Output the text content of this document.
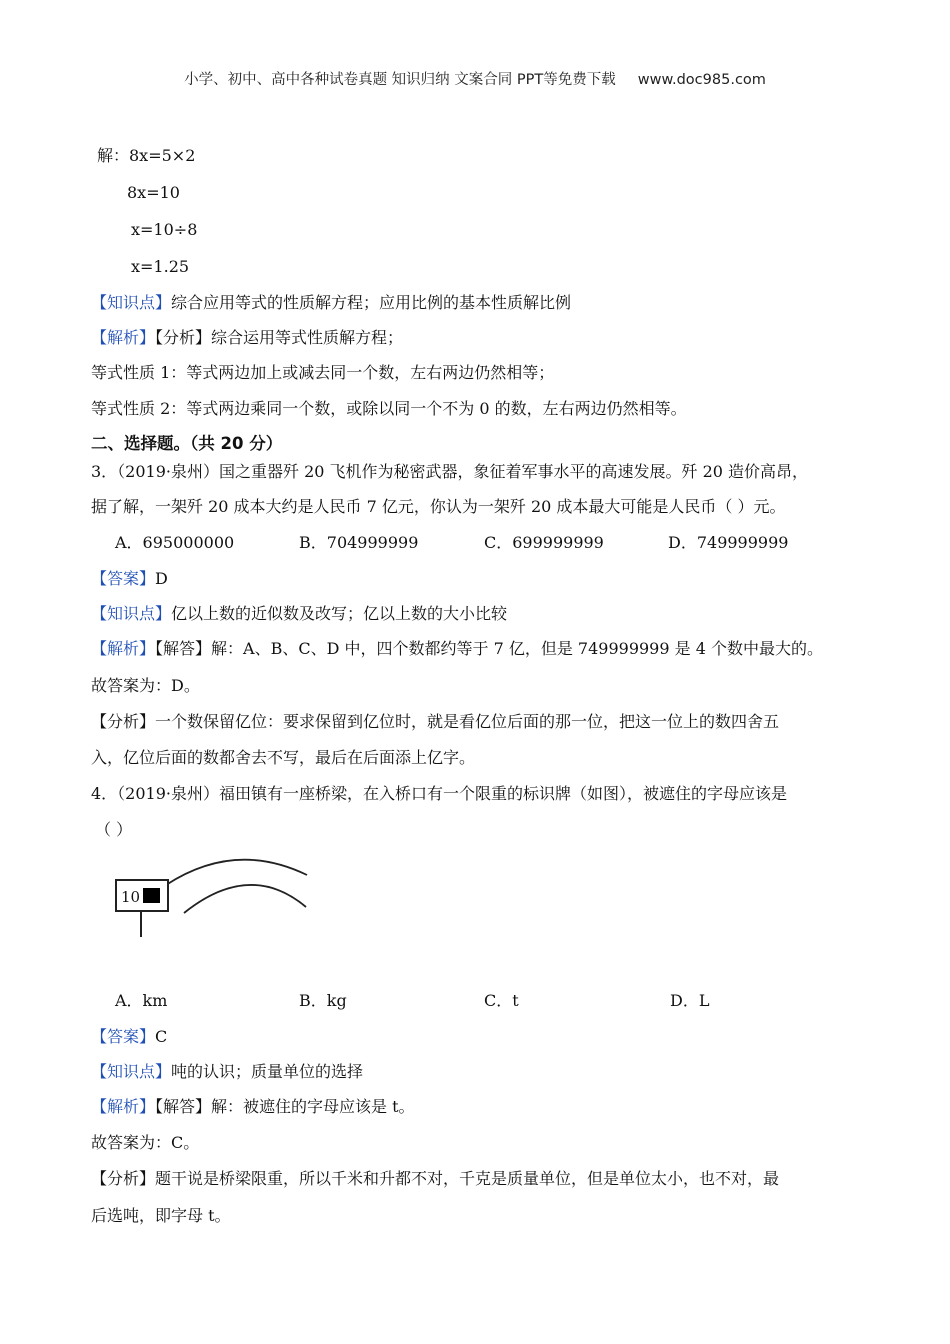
小学、初中、高中各种试卷真题 知识归纳 文案合同 PPT等免费下载 www.doc985.com
解：8x=5×2
8x=10
x=10÷8
x=1.25
【知识点】综合应用等式的性质解方程；应用比例的基本性质解比例
【解析】【分析】综合运用等式性质解方程；
等式性质 1：等式两边加上或减去同一个数，左右两边仍然相等；
等式性质 2：等式两边乘同一个数，或除以同一个不为 0 的数，左右两边仍然相等。
二、选择题。（共 20 分）
3．（2019·泉州）国之重器歼 20 飞机作为秘密武器，象征着军事水平的高速发展。歼 20 造价高昂，
据了解，一架歼 20 成本大约是人民币 7 亿元，你认为一架歼 20 成本最大可能是人民币（ ）元。
A．695000000	B．704999999	C．699999999	D．749999999
【答案】D
【知识点】亿以上数的近似数及改写；亿以上数的大小比较
【解析】【解答】解：A、B、C、D 中，四个数都约等于 7 亿，但是 749999999 是 4 个数中最大的。
故答案为：D。
【分析】一个数保留亿位：要求保留到亿位时，就是看亿位后面的那一位，把这一位上的数四舍五
入，亿位后面的数都舍去不写，最后在后面添上亿字。
4．（2019·泉州）福田镇有一座桥梁，在入桥口有一个限重的标识牌（如图），被遮住的字母应该是
（ ）
10
A．km	B．kg	C．t	D．L
【答案】C
【知识点】吨的认识；质量单位的选择
【解析】【解答】解：被遮住的字母应该是 t。
故答案为：C。
【分析】题干说是桥梁限重，所以千米和升都不对，千克是质量单位，但是单位太小，也不对，最
后选吨，即字母 t。
